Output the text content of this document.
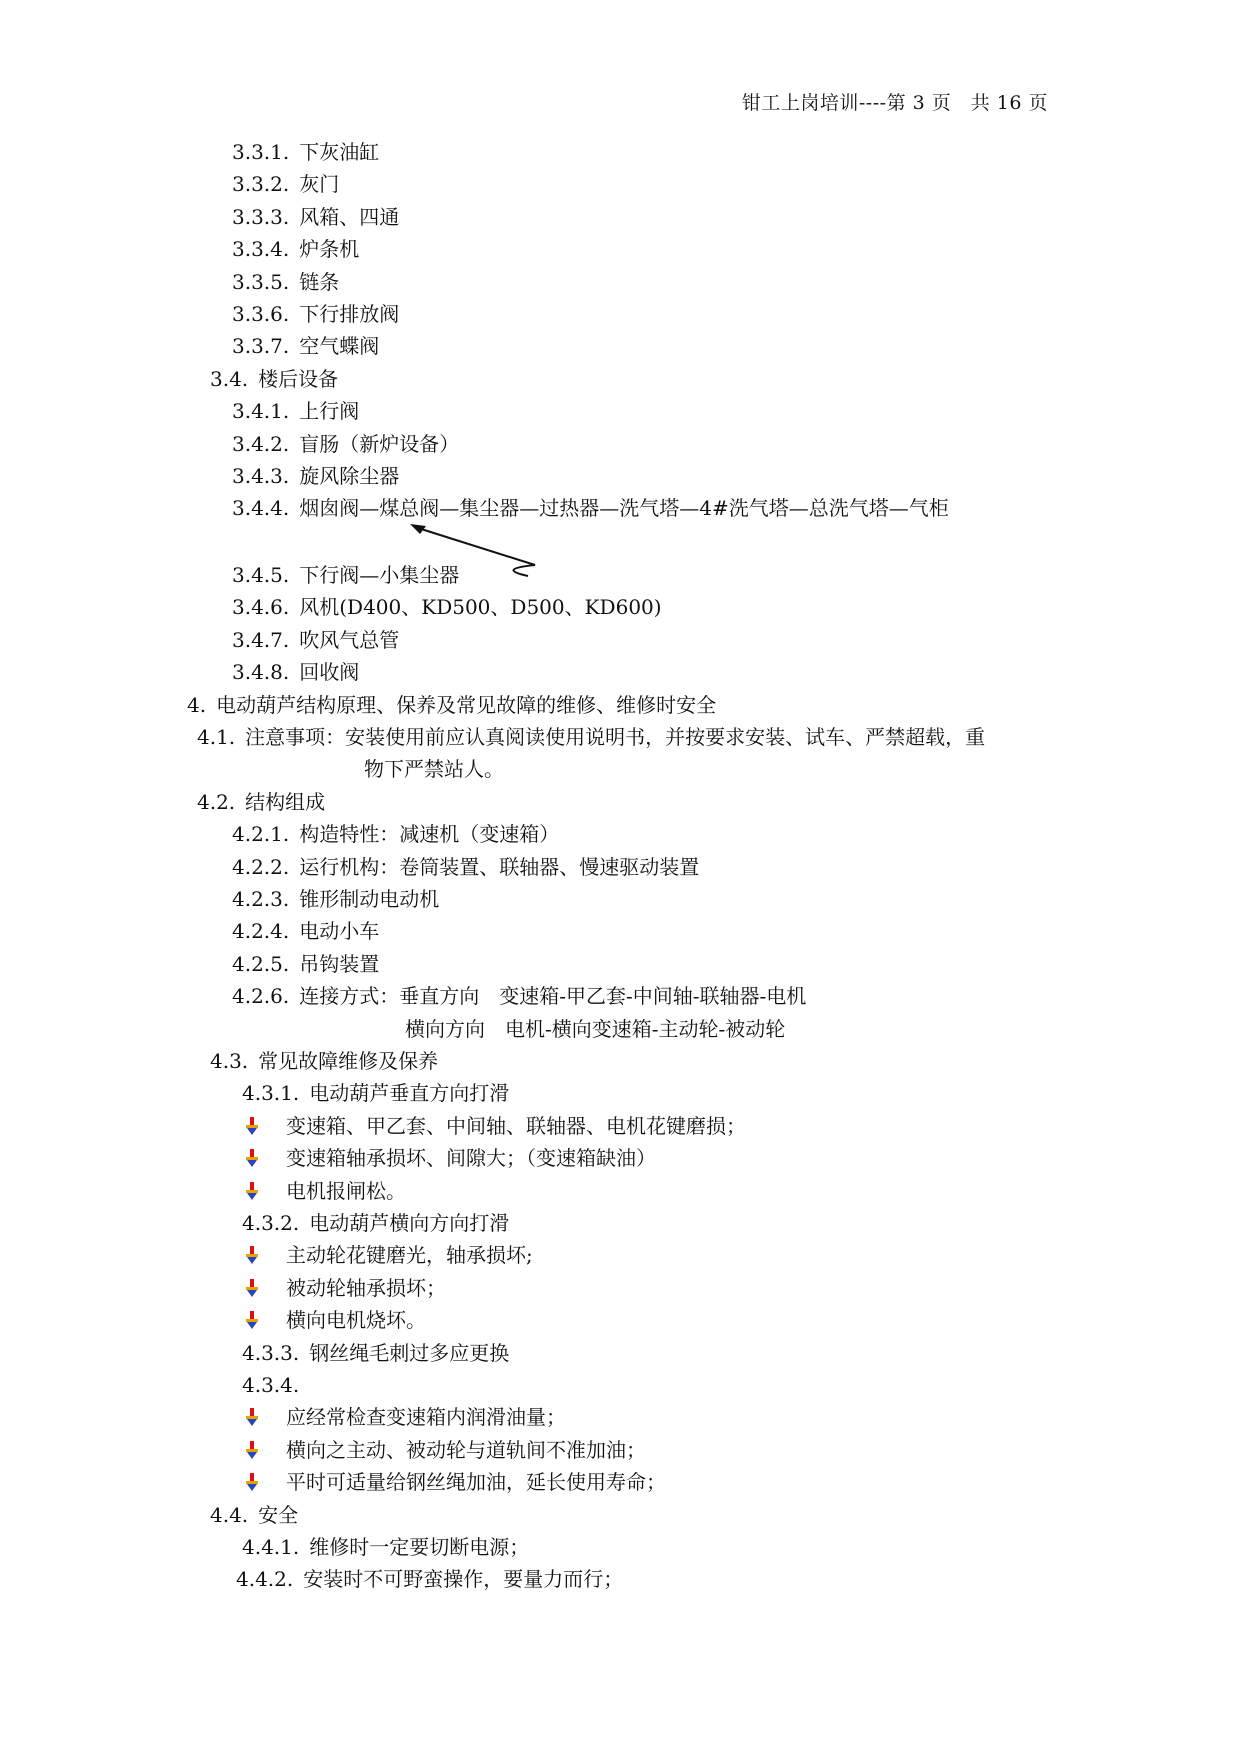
钳工上岗培训----第 3 页　共 16 页
3.3.1. 下灰油缸
3.3.2. 灰门
3.3.3. 风箱、四通
3.3.4. 炉条机
3.3.5. 链条
3.3.6. 下行排放阀
3.3.7. 空气蝶阀
3.4. 楼后设备
3.4.1. 上行阀
3.4.2. 盲肠（新炉设备）
3.4.3. 旋风除尘器
3.4.4. 烟囱阀—煤总阀—集尘器—过热器—洗气塔—4#洗气塔—总洗气塔—气柜
3.4.5. 下行阀—小集尘器
3.4.6. 风机(D400、KD500、D500、KD600)
3.4.7. 吹风气总管
3.4.8. 回收阀
4. 电动葫芦结构原理、保养及常见故障的维修、维修时安全
4.1. 注意事项：安装使用前应认真阅读使用说明书，并按要求安装、试车、严禁超载，重
物下严禁站人。
4.2. 结构组成
4.2.1. 构造特性：减速机（变速箱）
4.2.2. 运行机构：卷筒装置、联轴器、慢速驱动装置
4.2.3. 锥形制动电动机
4.2.4. 电动小车
4.2.5. 吊钩装置
4.2.6. 连接方式：垂直方向　变速箱-甲乙套-中间轴-联轴器-电机
横向方向　电机-横向变速箱-主动轮-被动轮
4.3. 常见故障维修及保养
4.3.1. 电动葫芦垂直方向打滑
变速箱、甲乙套、中间轴、联轴器、电机花键磨损；
变速箱轴承损坏、间隙大；（变速箱缺油）
电机报闸松。
4.3.2. 电动葫芦横向方向打滑
主动轮花键磨光，轴承损坏;
被动轮轴承损坏；
横向电机烧坏。
4.3.3. 钢丝绳毛刺过多应更换
4.3.4.
应经常检查变速箱内润滑油量；
横向之主动、被动轮与道轨间不准加油；
平时可适量给钢丝绳加油，延长使用寿命；
4.4. 安全
4.4.1. 维修时一定要切断电源；
4.4.2. 安装时不可野蛮操作，要量力而行；
